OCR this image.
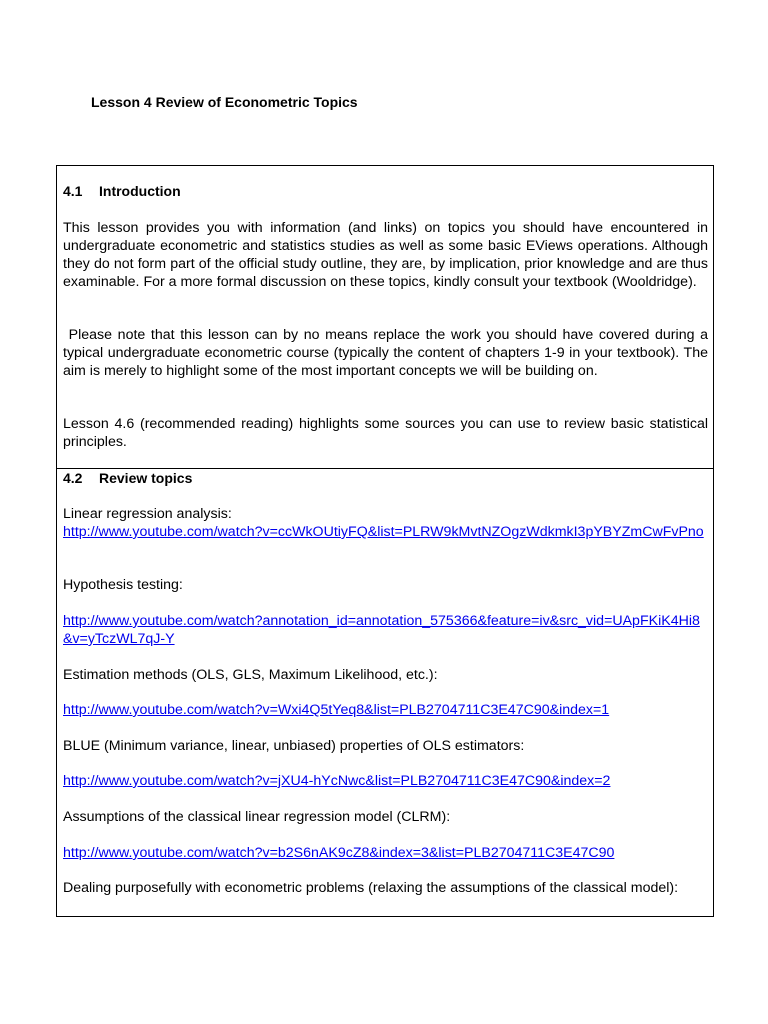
Lesson 4 Review of Econometric Topics
4.1 Introduction
This lesson provides you with information (and links) on topics you should have encountered in undergraduate econometric and statistics studies as well as some basic EViews operations. Although they do not form part of the official study outline, they are, by implication, prior knowledge and are thus examinable. For a more formal discussion on these topics, kindly consult your textbook (Wooldridge).
Please note that this lesson can by no means replace the work you should have covered during a typical undergraduate econometric course (typically the content of chapters 1-9 in your textbook). The aim is merely to highlight some of the most important concepts we will be building on.
Lesson 4.6 (recommended reading) highlights some sources you can use to review basic statistical principles.
4.2 Review topics
Linear regression analysis:
http://www.youtube.com/watch?v=ccWkOUtiyFQ&list=PLRW9kMvtNZOgzWdkmkI3pYBYZmCwFvPno
Hypothesis testing:
http://www.youtube.com/watch?annotation_id=annotation_575366&feature=iv&src_vid=UApFKiK4Hi8&v=yTczWL7qJ-Y
Estimation methods (OLS, GLS, Maximum Likelihood, etc.):
http://www.youtube.com/watch?v=Wxi4Q5tYeq8&list=PLB2704711C3E47C90&index=1
BLUE (Minimum variance, linear, unbiased) properties of OLS estimators:
http://www.youtube.com/watch?v=jXU4-hYcNwc&list=PLB2704711C3E47C90&index=2
Assumptions of the classical linear regression model (CLRM):
http://www.youtube.com/watch?v=b2S6nAK9cZ8&index=3&list=PLB2704711C3E47C90
Dealing purposefully with econometric problems (relaxing the assumptions of the classical model):
